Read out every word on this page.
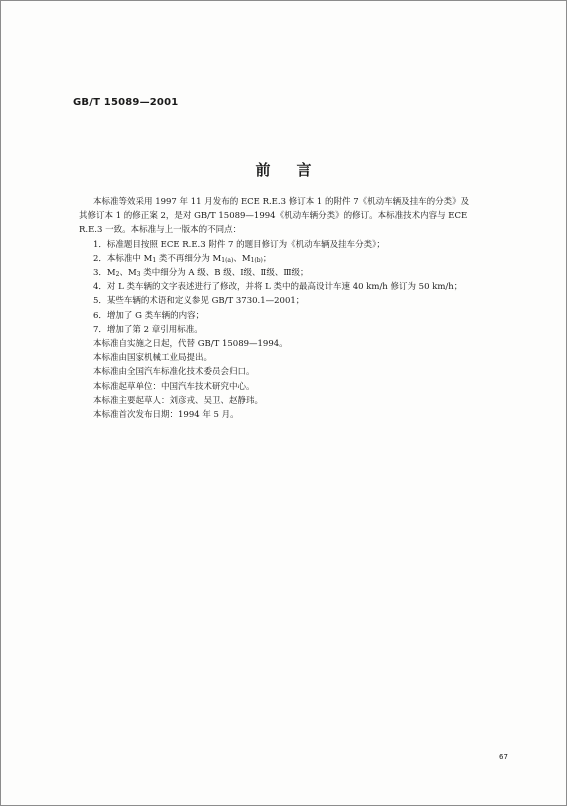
GB/T 15089—2001
前言

本标准等效采用 1997 年 11 月发布的 ECE R.E.3 修订本 1 的附件 7《机动车辆及挂车的分类》及

其修订本 1 的修正案 2，是对 GB/T 15089—1994《机动车辆分类》的修订。本标准技术内容与 ECE

R.E.3 一致。本标准与上一版本的不同点：

1．标准题目按照 ECE R.E.3 附件 7 的题目修订为《机动车辆及挂车分类》；

2．本标准中 $M_1$ 类不再细分为 $M_{1(a)}$、$M_{1(b)}$；

3．$M_2$、$M_3$ 类中细分为 A 级、B 级、Ⅰ级、Ⅱ级、Ⅲ级；

4．对 L 类车辆的文字表述进行了修改，并将 L 类中的最高设计车速 40 km/h 修订为 50 km/h；

5．某些车辆的术语和定义参见 GB/T 3730.1—2001；

6．增加了 G 类车辆的内容；

7．增加了第 2 章引用标准。

本标准自实施之日起，代替 GB/T 15089—1994。

本标准由国家机械工业局提出。

本标准由全国汽车标准化技术委员会归口。

本标准起草单位：中国汽车技术研究中心。

本标准主要起草人：刘彦戎、吴卫、赵静玮。

本标准首次发布日期：1994 年 5 月。

67
